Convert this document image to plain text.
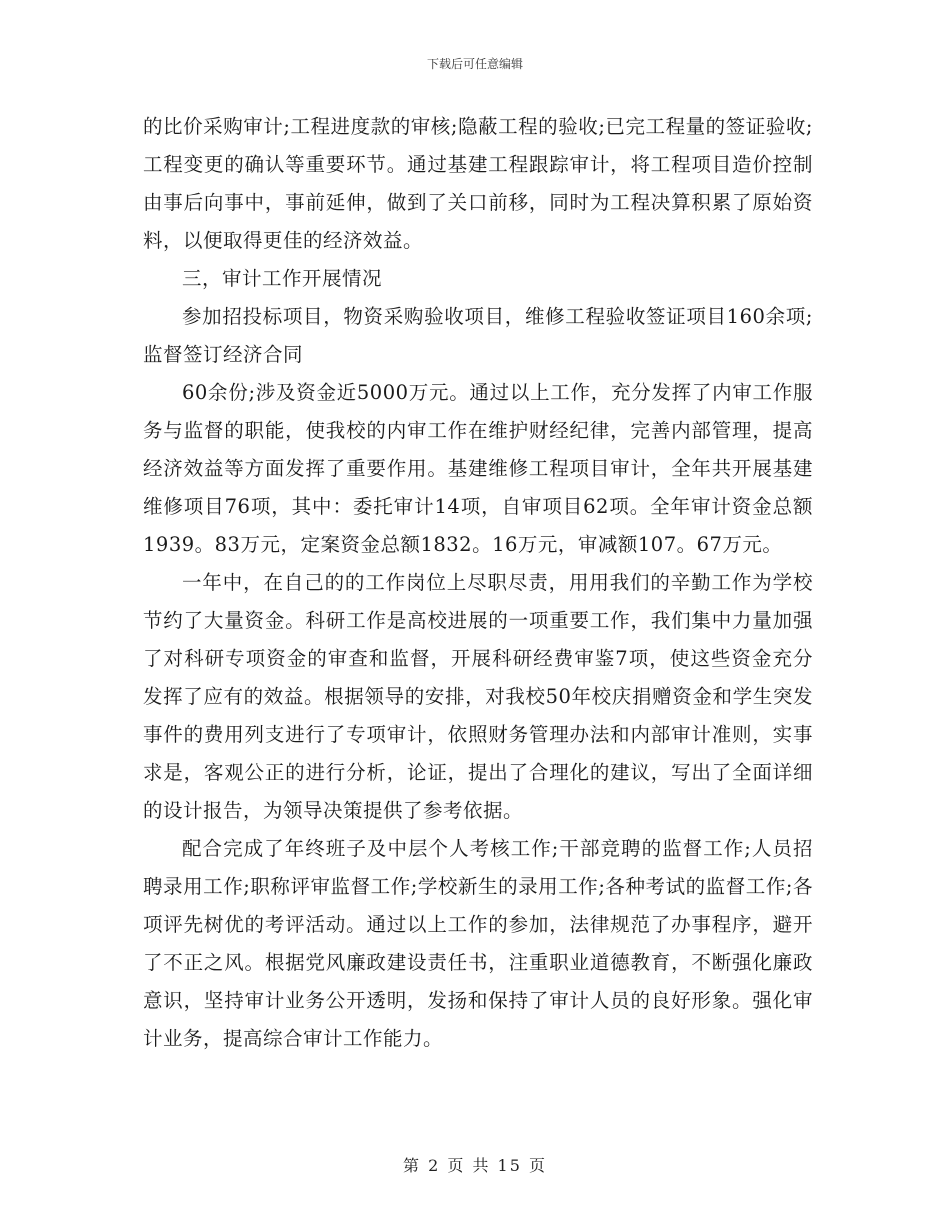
下载后可任意编辑

的比价采购审计;工程进度款的审核;隐蔽工程的验收;已完工程量的签证验收;工程变更的确认等重要环节。通过基建工程跟踪审计，将工程项目造价控制由事后向事中，事前延伸，做到了关口前移，同时为工程决算积累了原始资料，以便取得更佳的经济效益。

三，审计工作开展情况

参加招投标项目，物资采购验收项目，维修工程验收签证项目160余项;监督签订经济合同

60余份;涉及资金近5000万元。通过以上工作，充分发挥了内审工作服务与监督的职能，使我校的内审工作在维护财经纪律，完善内部管理，提高经济效益等方面发挥了重要作用。基建维修工程项目审计，全年共开展基建维修项目76项，其中：委托审计14项，自审项目62项。全年审计资金总额1939。83万元，定案资金总额1832。16万元，审减额107。67万元。

一年中，在自己的的工作岗位上尽职尽责，用用我们的辛勤工作为学校节约了大量资金。科研工作是高校进展的一项重要工作，我们集中力量加强了对科研专项资金的审查和监督，开展科研经费审鉴7项，使这些资金充分发挥了应有的效益。根据领导的安排，对我校50年校庆捐赠资金和学生突发事件的费用列支进行了专项审计，依照财务管理办法和内部审计准则，实事求是，客观公正的进行分析，论证，提出了合理化的建议，写出了全面详细的设计报告，为领导决策提供了参考依据。

配合完成了年终班子及中层个人考核工作;干部竞聘的监督工作;人员招聘录用工作;职称评审监督工作;学校新生的录用工作;各种考试的监督工作;各项评先树优的考评活动。通过以上工作的参加，法律规范了办事程序，避开了不正之风。根据党风廉政建设责任书，注重职业道德教育，不断强化廉政意识，坚持审计业务公开透明，发扬和保持了审计人员的良好形象。强化审计业务，提高综合审计工作能力。

第 2 页 共 15 页
